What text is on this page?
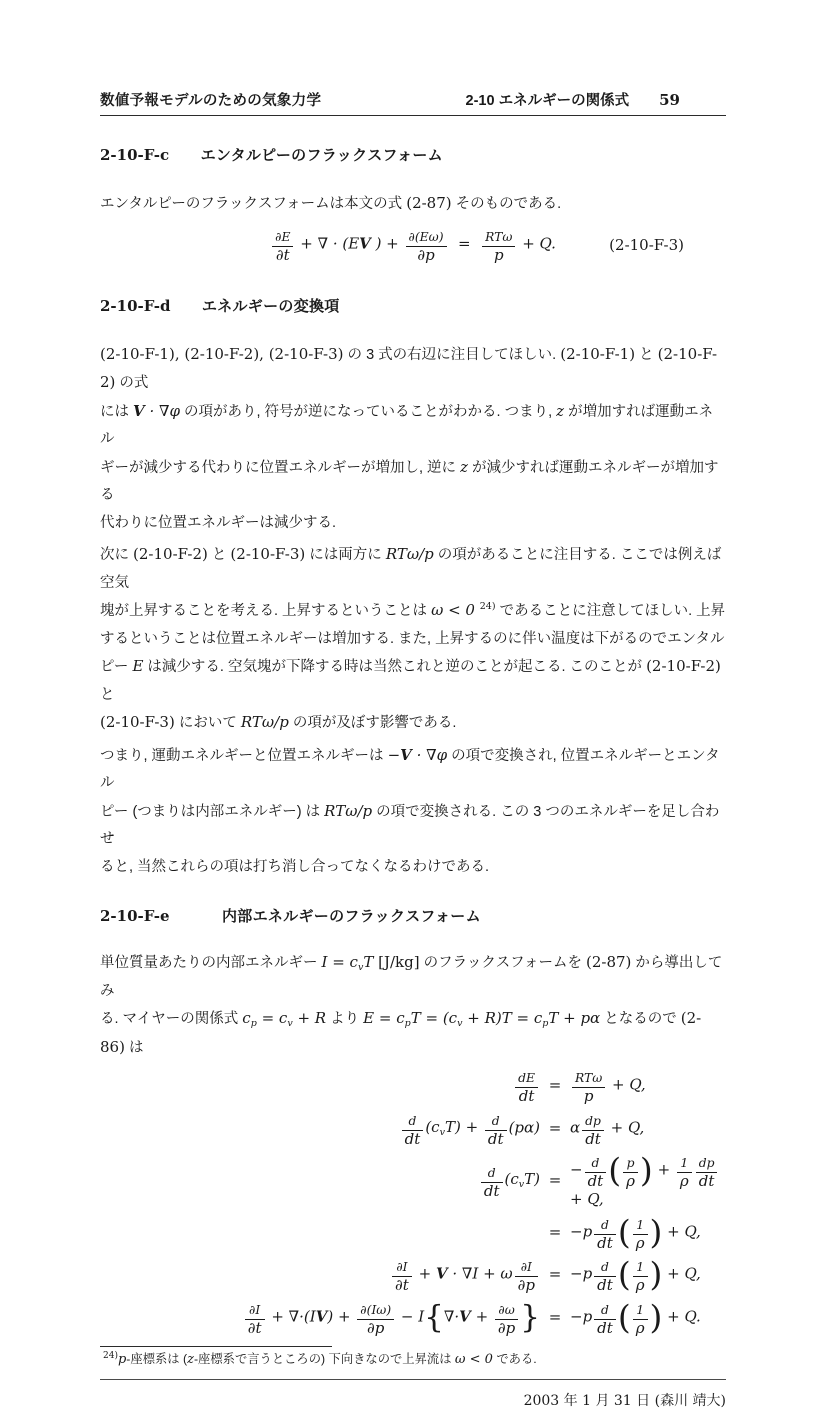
数値予報モデルのための気象力学	2-10 エネルギーの関係式 59
2-10-F-c エンタルピーのフラックスフォーム
エンタルピーのフラックスフォームは本文の式 (2-87) そのものである.
$\frac{\partial E}{\partial t}$ + ∇ · (EV ) + $\frac{\partial(E\omega)}{\partial p} = \frac{\text{RTω}}{p} + Q$.	(2-10-F-3)
2-10-F-d エネルギーの変換項
(2-10-F-1), (2-10-F-2), (2-10-F-3) の 3 式の右辺に注目してほしい. (2-10-F-1) と (2-10-F-2) の式
には V · ∇φ の項があり, 符号が逆になっていることがわかる. つまり, z が増加すれば運動エネル
ギーが減少する代わりに位置エネルギーが増加し, 逆に z が減少すれば運動エネルギーが増加する
代わりに位置エネルギーは減少する.
次に (2-10-F-2) と (2-10-F-3) には両方に RTω/p の項があることに注目する. ここでは例えば空気
塊が上昇することを考える. 上昇するということは ω < 0 $^{24)}$ であることに注意してほしい. 上昇
するということは位置エネルギーは増加する. また, 上昇するのに伴い温度は下がるのでエンタル
ピー E は減少する. 空気塊が下降する時は当然これと逆のことが起こる. このことが (2-10-F-2) と
(2-10-F-3) において RTω/p の項が及ぼす影響である.
つまり, 運動エネルギーと位置エネルギーは −V · ∇φ の項で変換され, 位置エネルギーとエンタル
ピー (つまりは内部エネルギー) は RTω/p の項で変換される. この 3 つのエネルギーを足し合わせ
ると, 当然これらの項は打ち消し合ってなくなるわけである.
2-10-F-e	内部エネルギーのフラックスフォーム
単位質量あたりの内部エネルギー $I = c_vT$ [J/kg] のフラックスフォームを (2-87) から導出してみ
る. マイヤーの関係式 $c_p = c_v + R$ より $E = c_pT = (c_v + R)T = c_pT + p\alpha$ となるので (2-86) は
$\frac{dE}{dt} = \frac{\text{RTω}}{p} + Q$,
$\frac{d}{dt} (c_vT) + \frac{d}{dt} (p\alpha) = \alpha \frac{dp}{dt} + Q$,
$\frac{d}{dt} (c_vT)$ =
− $\frac{d}{dt}$ ( $\frac{p}{\rho}$ ) + $\frac{1}{\rho} \frac{dp}{dt} + Q$,
= $-p \frac{d}{dt}$ ( $\frac{1}{\rho}$ ) + Q,
$\frac{\partial I}{\partial t} + V \cdot \nabla I + \omega \frac{\partial I}{\partial p} = -p \frac{d}{dt}$ ( $\frac{1}{\rho}$ ) + Q,
$\frac{\partial I}{\partial t} + \nabla\cdot(IV) + \frac{\partial(I\omega)}{\partial p} - I\{\nabla\cdot V + \frac{\partial\omega}{\partial p}$ } = $-p \frac{d}{dt}$ ( $\frac{1}{\rho}$ ) + Q.
$^{24)}$p-座標系は (z-座標系で言うところの) 下向きなので上昇流は ω < 0 である.
2003 年 1 月 31 日 (森川 靖大)
